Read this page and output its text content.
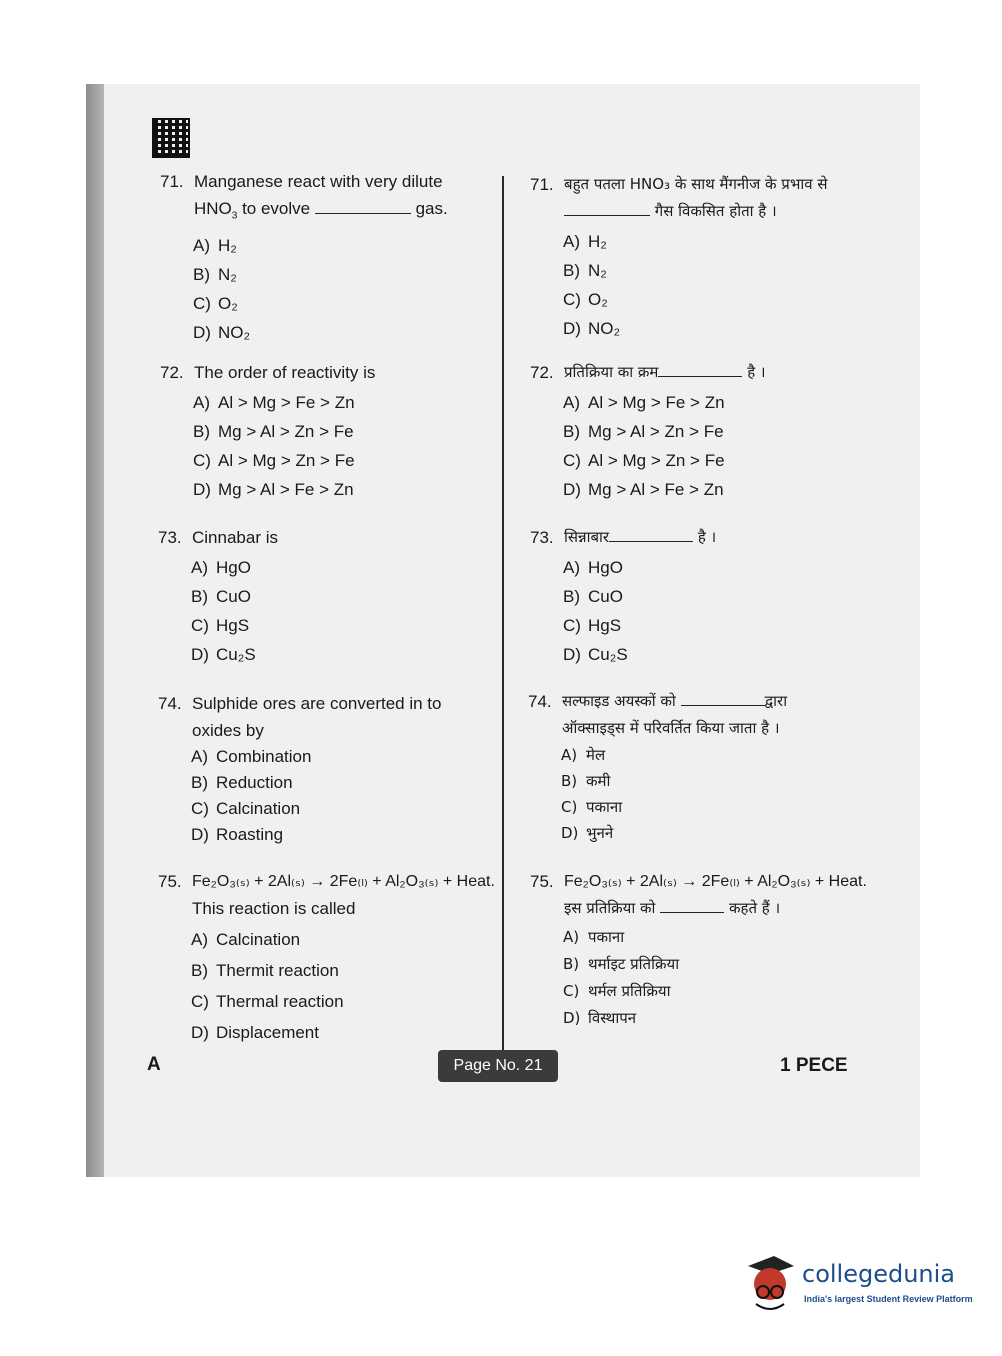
71. Manganese react with very dilute $HNO_3$ to evolve	gas.
A) H₂
B) N₂
C) O₂
D) NO₂
72. The order of reactivity is
A) Al > Mg > Fe > Zn
B) Mg > Al > Zn > Fe
C) Al > Mg > Zn > Fe
D) Mg > Al > Fe > Zn
73. Cinnabar is
A) HgO
B) CuO
C) HgS
D) Cu₂S
74. Sulphide ores are converted in to oxides by
A) Combination
B) Reduction
C) Calcination
D) Roasting
75. Fe₂O₃₍ₛ₎ + 2Al₍ₛ₎ → 2Fe₍ₗ₎ + Al₂O₃₍ₛ₎ + Heat.
This reaction is called
A) Calcination
B) Thermit reaction
C) Thermal reaction
D) Displacement
71. बहुत पतला HNO₃ के साथ मैंगनीज के प्रभाव से
गैस विकसित होता है ।
A) H₂
B) N₂
C) O₂
D) NO₂
72. प्रतिक्रिया का क्रम	है ।
A) Al > Mg > Fe > Zn
B) Mg > Al > Zn > Fe
C) Al > Mg > Zn > Fe
D) Mg > Al > Fe > Zn
73. सिन्नाबार	है ।
A) HgO
B) CuO
C) HgS
D) Cu₂S
74. सल्फाइड अयस्कों को	द्वारा
ऑक्साइड्स में परिवर्तित किया जाता है ।
A) मेल
B) कमी
C) पकाना
D) भुनने
75. Fe₂O₃₍ₛ₎ + 2Al₍ₛ₎ → 2Fe₍ₗ₎ + Al₂O₃₍ₛ₎ + Heat.
इस प्रतिक्रिया को	कहते हैं ।
A) पकाना
B) थर्माइट प्रतिक्रिया
C) थर्मल प्रतिक्रिया
D) विस्थापन
A	Page No. 21	1 PECE
collegedunia
India's largest Student Review Platform
